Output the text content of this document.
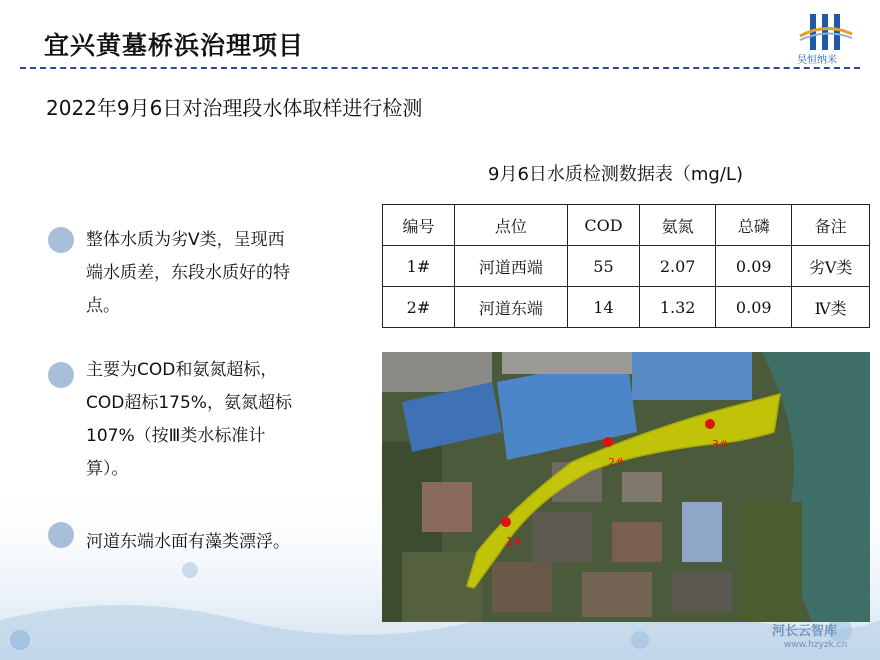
宜兴黄墓桥浜治理项目
昊恒纳米
2022年9月6日对治理段水体取样进行检测
9月6日水质检测数据表（mg/L)
编号	点位	COD	氨氮	总磷	备注
1#	河道西端	55	2.07	0.09	劣Ⅴ类
2#	河道东端	14	1.32	0.09	Ⅳ类
整体水质为劣Ⅴ类，呈现西
端水质差，东段水质好的特
点。
主要为COD和氨氮超标，
COD超标175%，氨氮超标
107%（按Ⅲ类水标准计
算）。
河道东端水面有藻类漂浮。	1#
2#
3#
河长云智库
www.hzyzk.cn
